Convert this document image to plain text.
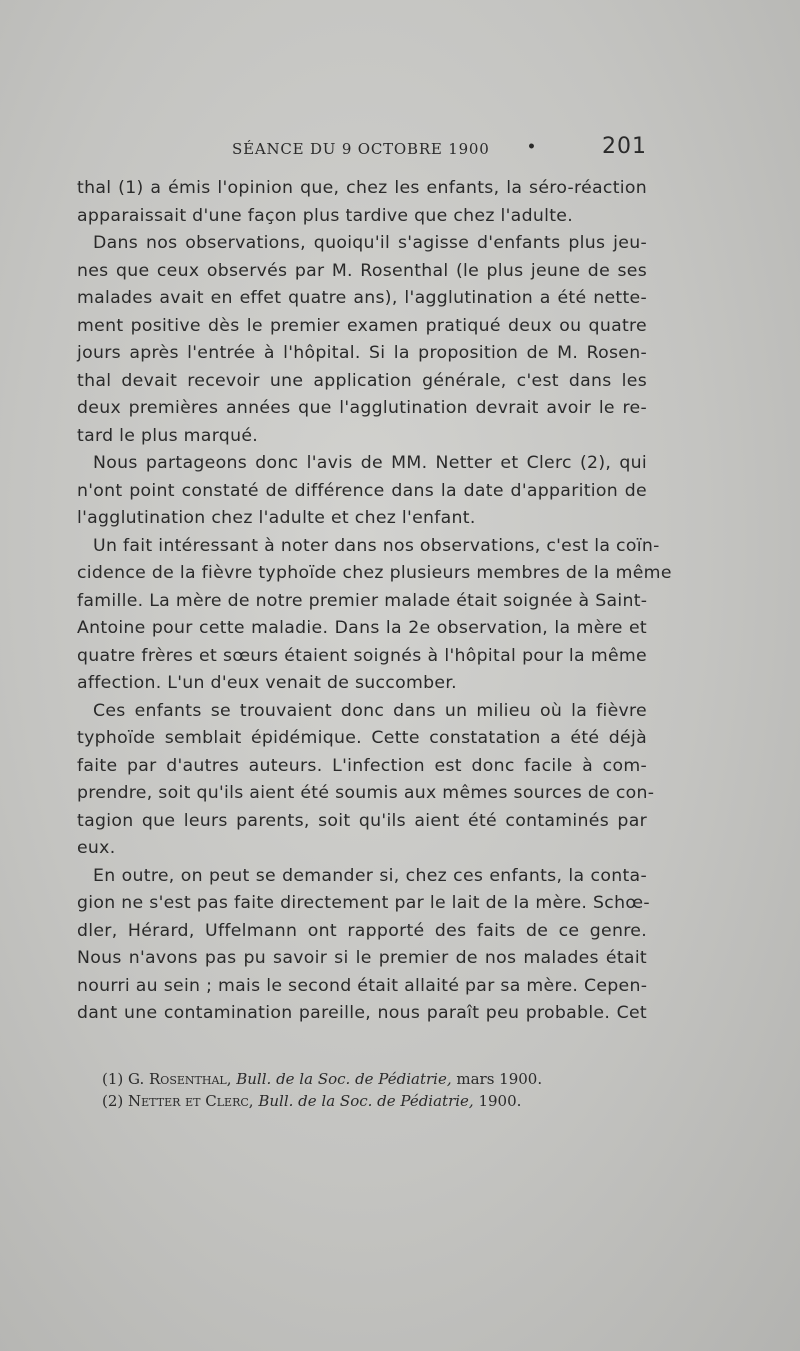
SÉANCE DU 9 OCTOBRE 1900	•	201
thal (1) a émis l'opinion que, chez les enfants, la séro-réaction
apparaissait d'une façon plus tardive que chez l'adulte.
Dans nos observations, quoiqu'il s'agisse d'enfants plus jeu-
nes que ceux observés par M. Rosenthal (le plus jeune de ses
malades avait en effet quatre ans), l'agglutination a été nette-
ment positive dès le premier examen pratiqué deux ou quatre
jours après l'entrée à l'hôpital. Si la proposition de M. Rosen-
thal devait recevoir une application générale, c'est dans les
deux premières années que l'agglutination devrait avoir le re-
tard le plus marqué.
Nous partageons donc l'avis de MM. Netter et Clerc (2), qui
n'ont point constaté de différence dans la date d'apparition de
l'agglutination chez l'adulte et chez l'enfant.
Un fait intéressant à noter dans nos observations, c'est la coïn-
cidence de la fièvre typhoïde chez plusieurs membres de la même
famille. La mère de notre premier malade était soignée à Saint-
Antoine pour cette maladie. Dans la 2e observation, la mère et
quatre frères et sœurs étaient soignés à l'hôpital pour la même
affection. L'un d'eux venait de succomber.
Ces enfants se trouvaient donc dans un milieu où la fièvre
typhoïde semblait épidémique. Cette constatation a été déjà
faite par d'autres auteurs. L'infection est donc facile à com-
prendre, soit qu'ils aient été soumis aux mêmes sources de con-
tagion que leurs parents, soit qu'ils aient été contaminés par
eux.
En outre, on peut se demander si, chez ces enfants, la conta-
gion ne s'est pas faite directement par le lait de la mère. Schœ-
dler, Hérard, Uffelmann ont rapporté des faits de ce genre.
Nous n'avons pas pu savoir si le premier de nos malades était
nourri au sein ; mais le second était allaité par sa mère. Cepen-
dant une contamination pareille, nous paraît peu probable. Cet
(1) G. Rosenthal, Bull. de la Soc. de Pédiatrie, mars 1900.
(2) Netter et Clerc, Bull. de la Soc. de Pédiatrie, 1900.
